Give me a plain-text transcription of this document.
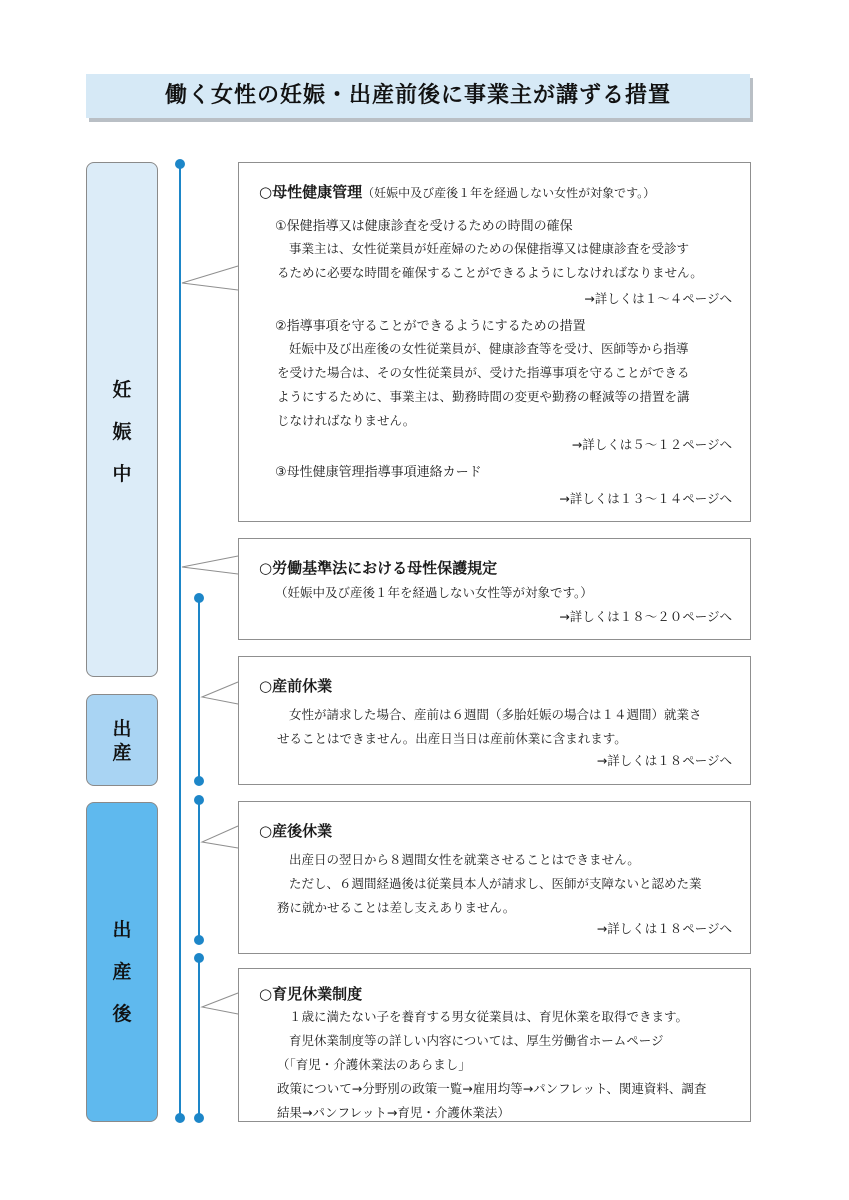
働く女性の妊娠・出産前後に事業主が講ずる措置
妊
娠
中
出
産
出
産
後
○母性健康管理（妊娠中及び産後１年を経過しない女性が対象です。）
①保健指導又は健康診査を受けるための時間の確保
事業主は、女性従業員が妊産婦のための保健指導又は健康診査を受診す
るために必要な時間を確保することができるようにしなければなりません。
→詳しくは１～４ページへ
②指導事項を守ることができるようにするための措置
妊娠中及び出産後の女性従業員が、健康診査等を受け、医師等から指導
を受けた場合は、その女性従業員が、受けた指導事項を守ることができる
ようにするために、事業主は、勤務時間の変更や勤務の軽減等の措置を講
じなければなりません。
→詳しくは５～１２ページへ
③母性健康管理指導事項連絡カード
→詳しくは１３～１４ページへ
○労働基準法における母性保護規定
（妊娠中及び産後１年を経過しない女性等が対象です。）
→詳しくは１８～２０ページへ
○産前休業
女性が請求した場合、産前は６週間（多胎妊娠の場合は１４週間）就業さ
せることはできません。出産日当日は産前休業に含まれます。
→詳しくは１８ページへ
○産後休業
出産日の翌日から８週間女性を就業させることはできません。
ただし、６週間経過後は従業員本人が請求し、医師が支障ないと認めた業
務に就かせることは差し支えありません。
→詳しくは１８ページへ
○育児休業制度
１歳に満たない子を養育する男女従業員は、育児休業を取得できます。
育児休業制度等の詳しい内容については、厚生労働省ホームページ
（「育児・介護休業法のあらまし」
政策について→分野別の政策一覧→雇用均等→パンフレット、関連資料、調査
結果→パンフレット→育児・介護休業法）
